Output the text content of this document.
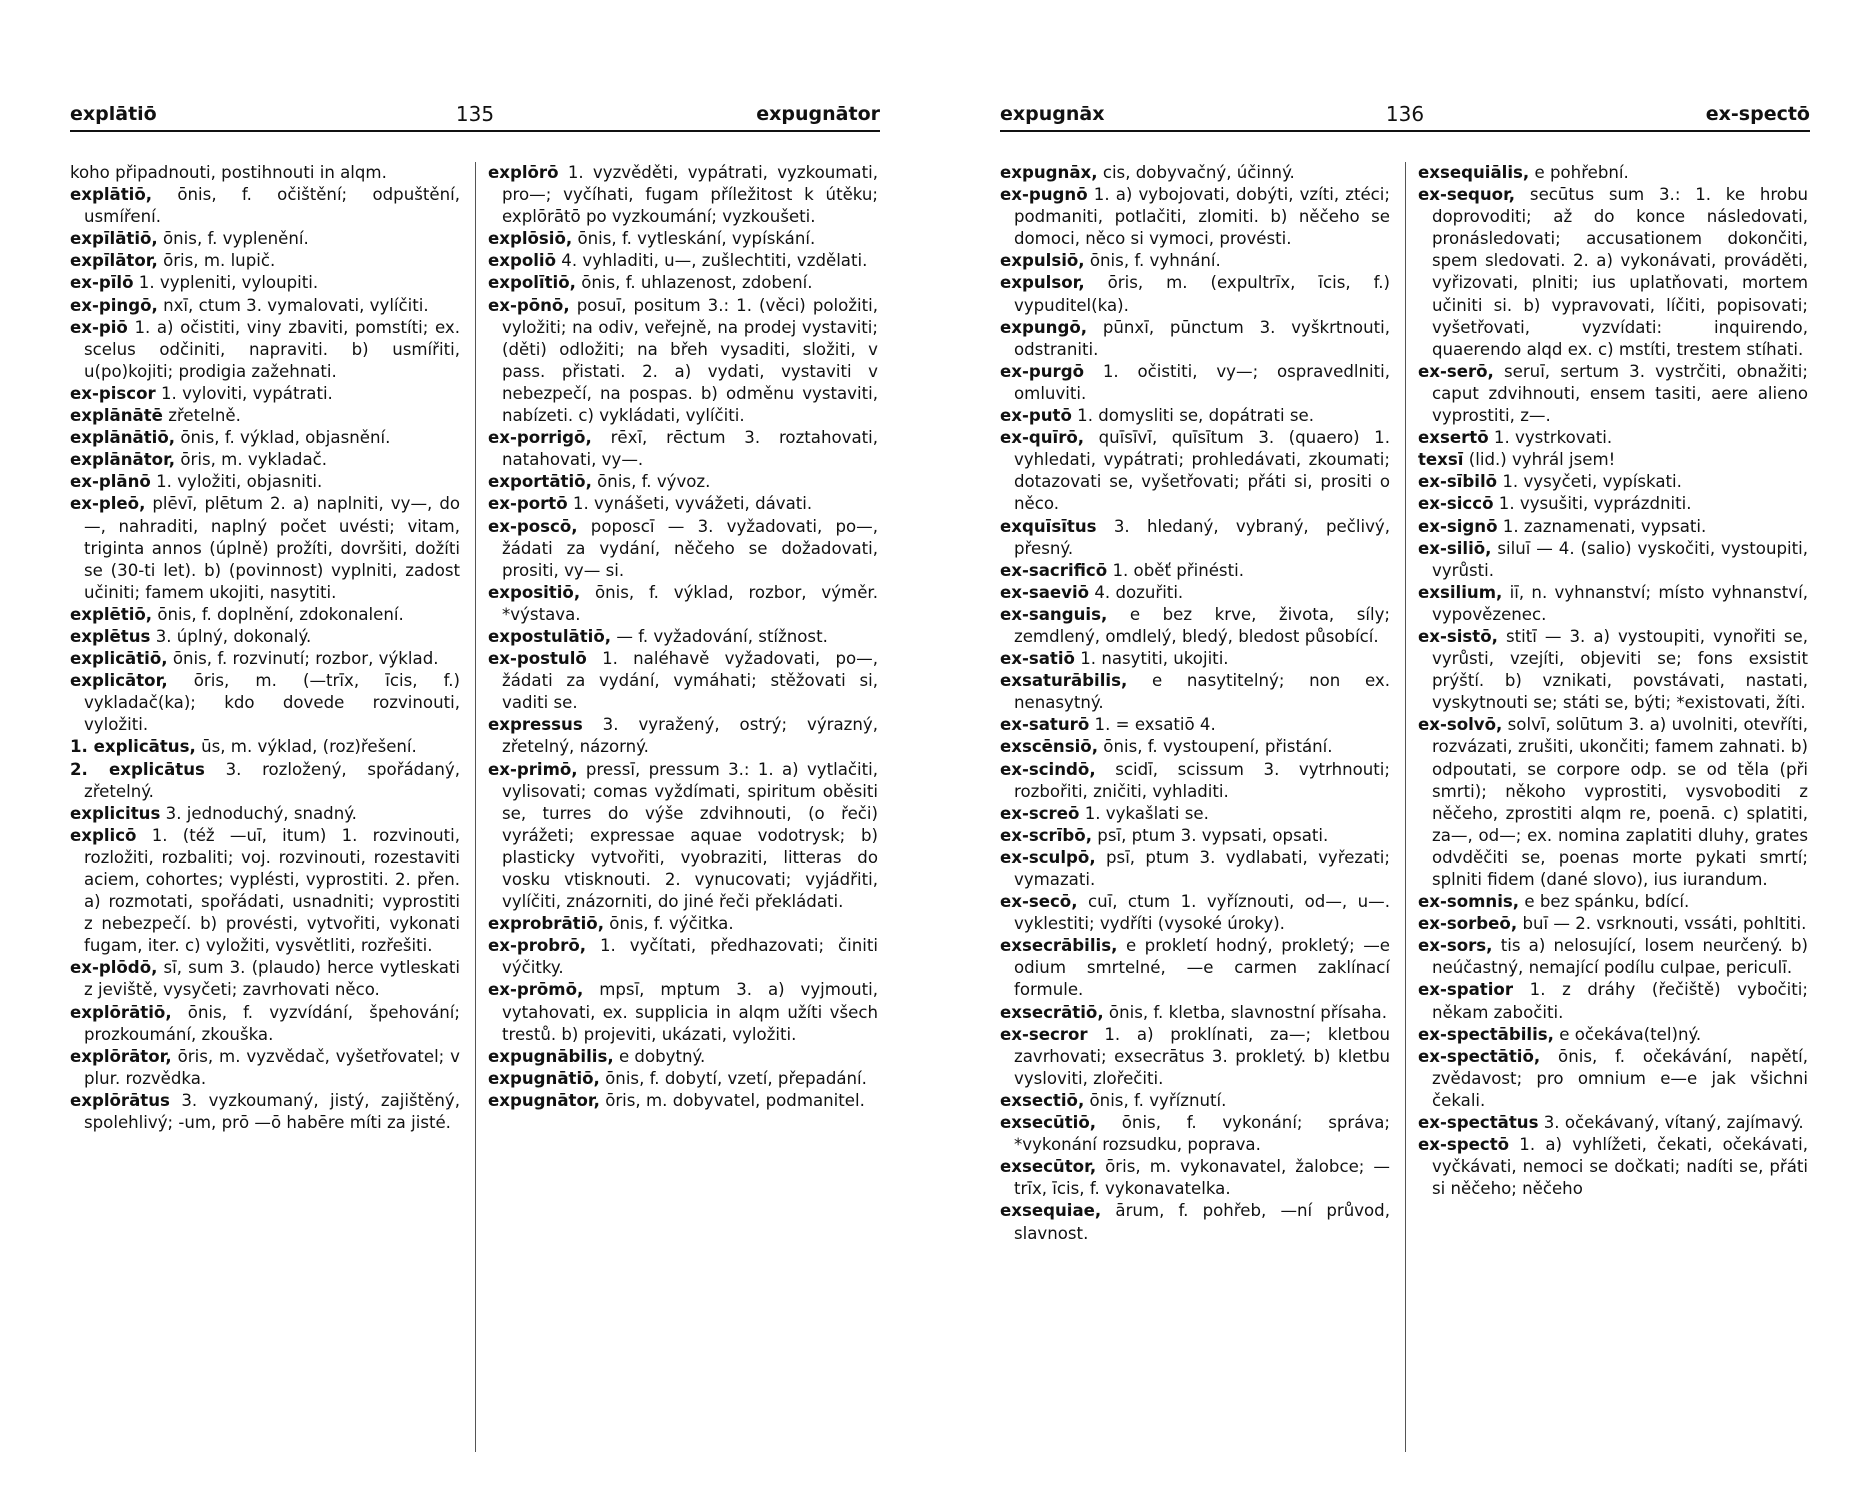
explātiō	135	expugnātor

koho připadnouti, postihnouti in alqm.

explātiō, ōnis, f. očištění; odpuštění, usmíření.

expīlātiō, ōnis, f. vyplenění.

expīlātor, ōris, m. lupič.

ex-pīlō 1. vypleniti, vyloupiti.

ex-pingō, nxī, ctum 3. vymalovati, vylíčiti.

ex-piō 1. a) očistiti, viny zbaviti, pomstíti; ex. scelus odčiniti, napraviti. b) usmířiti, u(po)kojiti; prodigia zažehnati.

ex-piscor 1. vyloviti, vypátrati.

explānātē zřetelně.

explānātiō, ōnis, f. výklad, objasnění.

explānātor, ōris, m. vykladač.

ex-plānō 1. vyložiti, objasniti.

ex-pleō, plēvī, plētum 2. a) naplniti, vy—, do—, nahraditi, naplný počet uvésti; vitam, triginta annos (úplně) prožíti, dovršiti, dožíti se (30-ti let). b) (povinnost) vyplniti, zadost učiniti; famem ukojiti, nasytiti.

explētiō, ōnis, f. doplnění, zdokonalení.

explētus 3. úplný, dokonalý.

explicātiō, ōnis, f. rozvinutí; rozbor, výklad.

explicātor, ōris, m. (—trīx, īcis, f.) vykladač(ka); kdo dovede rozvinouti, vyložiti.

1. explicātus, ūs, m. výklad, (roz)řešení.

2. explicātus 3. rozložený, spořádaný, zřetelný.

explicitus 3. jednoduchý, snadný.

explicō 1. (též —uī, itum) 1. rozvinouti, rozložiti, rozbaliti; voj. rozvinouti, rozestaviti aciem, cohortes; vyplésti, vyprostiti. 2. přen. a) rozmotati, spořádati, usnadniti; vyprostiti z nebezpečí. b) provésti, vytvořiti, vykonati fugam, iter. c) vyložiti, vysvětliti, rozřešiti.

ex-plōdō, sī, sum 3. (plaudo) herce vytleskati z jeviště, vysyčeti; zavrhovati něco.

explōrātiō, ōnis, f. vyzvídání, špehování; prozkoumání, zkouška.

explōrātor, ōris, m. vyzvědač, vyšetřovatel; v plur. rozvědka.

explōrātus 3. vyzkoumaný, jistý, zajištěný, spolehlivý; -um, prō —ō habēre míti za jisté.

explōrō 1. vyzvěděti, vypátrati, vyzkoumati, pro—; vyčíhati, fugam příležitost k útěku; explōrātō po vyzkoumání; vyzkoušeti.

explōsiō, ōnis, f. vytleskání, vypískání.

expoliō 4. vyhladiti, u—, zušlechtiti, vzdělati.

expolītiō, ōnis, f. uhlazenost, zdobení.

ex-pōnō, posuī, positum 3.: 1. (věci) položiti, vyložiti; na odiv, veřejně, na prodej vystaviti; (děti) odložiti; na břeh vysaditi, složiti, v pass. přistati. 2. a) vydati, vystaviti v nebezpečí, na pospas. b) odměnu vystaviti, nabízeti. c) vykládati, vylíčiti.

ex-porrigō, rēxī, rēctum 3. roztahovati, natahovati, vy—.

exportātiō, ōnis, f. vývoz.

ex-portō 1. vynášeti, vyvážeti, dávati.

ex-poscō, poposcī — 3. vyžadovati, po—, žádati za vydání, něčeho se dožadovati, prositi, vy— si.

expositiō, ōnis, f. výklad, rozbor, výměr. *výstava.

expostulātiō, — f. vyžadování, stížnost.

ex-postulō 1. naléhavě vyžadovati, po—, žádati za vydání, vymáhati; stěžovati si, vaditi se.

expressus 3. vyražený, ostrý; výrazný, zřetelný, názorný.

ex-primō, pressī, pressum 3.: 1. a) vytlačiti, vylisovati; comas vyždímati, spiritum oběsiti se, turres do výše zdvihnouti, (o řeči) vyrážeti; expressae aquae vodotrysk; b) plasticky vytvořiti, vyobraziti, litteras do vosku vtisknouti. 2. vynucovati; vyjádřiti, vylíčiti, znázorniti, do jiné řeči překládati.

exprobrātiō, ōnis, f. výčitka.

ex-probrō, 1. vyčítati, předhazovati; činiti výčitky.

ex-prōmō, mpsī, mptum 3. a) vyjmouti, vytahovati, ex. supplicia in alqm užíti všech trestů. b) projeviti, ukázati, vyložiti.

expugnābilis, e dobytný.

expugnātiō, ōnis, f. dobytí, vzetí, přepadání.

expugnātor, ōris, m. dobyvatel, podmanitel.

expugnāx	136	ex-spectō

expugnāx, cis, dobyvačný, účinný.

ex-pugnō 1. a) vybojovati, dobýti, vzíti, ztéci; podmaniti, potlačiti, zlomiti. b) něčeho se domoci, něco si vymoci, provésti.

expulsiō, ōnis, f. vyhnání.

expulsor, ōris, m. (expultrīx, īcis, f.) vypuditel(ka).

expungō, pūnxī, pūnctum 3. vyškrtnouti, odstraniti.

ex-purgō 1. očistiti, vy—; ospravedlniti, omluviti.

ex-putō 1. domysliti se, dopátrati se.

ex-quīrō, quīsīvī, quīsītum 3. (quaero) 1. vyhledati, vypátrati; prohledávati, zkoumati; dotazovati se, vyšetřovati; přáti si, prositi o něco.

exquīsītus 3. hledaný, vybraný, pečlivý, přesný.

ex-sacrificō 1. oběť přinésti.

ex-saeviō 4. dozuřiti.

ex-sanguis, e bez krve, života, síly; zemdlený, omdlelý, bledý, bledost působící.

ex-satiō 1. nasytiti, ukojiti.

exsaturābilis, e nasytitelný; non ex. nenasytný.

ex-saturō 1. = exsatiō 4.

exscēnsiō, ōnis, f. vystoupení, přistání.

ex-scindō, scidī, scissum 3. vytrhnouti; rozbořiti, zničiti, vyhladiti.

ex-screō 1. vykašlati se.

ex-scrībō, psī, ptum 3. vypsati, opsati.

ex-sculpō, psī, ptum 3. vydlabati, vyřezati; vymazati.

ex-secō, cuī, ctum 1. vyříznouti, od—, u—. vyklestiti; vydříti (vysoké úroky).

exsecrābilis, e prokletí hodný, prokletý; —e odium smrtelné, —e carmen zaklínací formule.

exsecrātiō, ōnis, f. kletba, slavnostní přísaha.

ex-secror 1. a) proklínati, za—; kletbou zavrhovati; exsecrātus 3. prokletý. b) kletbu vysloviti, zlořečiti.

exsectiō, ōnis, f. vyříznutí.

exsecūtiō, ōnis, f. vykonání; správa; *vykonání rozsudku, poprava.

exsecūtor, ōris, m. vykonavatel, žalobce; —trīx, īcis, f. vykonavatelka.

exsequiae, ārum, f. pohřeb, —ní průvod, slavnost.

exsequiālis, e pohřební.

ex-sequor, secūtus sum 3.: 1. ke hrobu doprovoditi; až do konce následovati, pronásledovati; accusationem dokončiti, spem sledovati. 2. a) vykonávati, prováděti, vyřizovati, plniti; ius uplatňovati, mortem učiniti si. b) vypravovati, líčiti, popisovati; vyšetřovati, vyzvídati: inquirendo, quaerendo alqd ex. c) mstíti, trestem stíhati.

ex-serō, seruī, sertum 3. vystrčiti, obnažiti; caput zdvihnouti, ensem tasiti, aere alieno vyprostiti, z—.

exsertō 1. vystrkovati.

texsī (lid.) vyhrál jsem!

ex-sībilō 1. vysyčeti, vypískati.

ex-siccō 1. vysušiti, vyprázdniti.

ex-signō 1. zaznamenati, vypsati.

ex-siliō, siluī — 4. (salio) vyskočiti, vystoupiti, vyrůsti.

exsilium, iī, n. vyhnanství; místo vyhnanství, vypovězenec.

ex-sistō, stitī — 3. a) vystoupiti, vynořiti se, vyrůsti, vzejíti, objeviti se; fons exsistit prýští. b) vznikati, povstávati, nastati, vyskytnouti se; státi se, býti; *existovati, žíti.

ex-solvō, solvī, solūtum 3. a) uvolniti, otevříti, rozvázati, zrušiti, ukončiti; famem zahnati. b) odpoutati, se corpore odp. se od těla (při smrti); někoho vyprostiti, vysvoboditi z něčeho, zprostiti alqm re, poenā. c) splatiti, za—, od—; ex. nomina zaplatiti dluhy, grates odvděčiti se, poenas morte pykati smrtí; splniti fidem (dané slovo), ius iurandum.

ex-somnis, e bez spánku, bdící.

ex-sorbeō, buī — 2. vsrknouti, vssáti, pohltiti.

ex-sors, tis a) nelosující, losem neurčený. b) neúčastný, nemající podílu culpae, periculī.

ex-spatior 1. z dráhy (řečiště) vybočiti; někam zabočiti.

ex-spectābilis, e očekáva(tel)ný.

ex-spectātiō, ōnis, f. očekávání, napětí, zvědavost; pro omnium e—e jak všichni čekali.

ex-spectātus 3. očekávaný, vítaný, zajímavý.

ex-spectō 1. a) vyhlížeti, čekati, očekávati, vyčkávati, nemoci se dočkati; nadíti se, přáti si něčeho; něčeho
